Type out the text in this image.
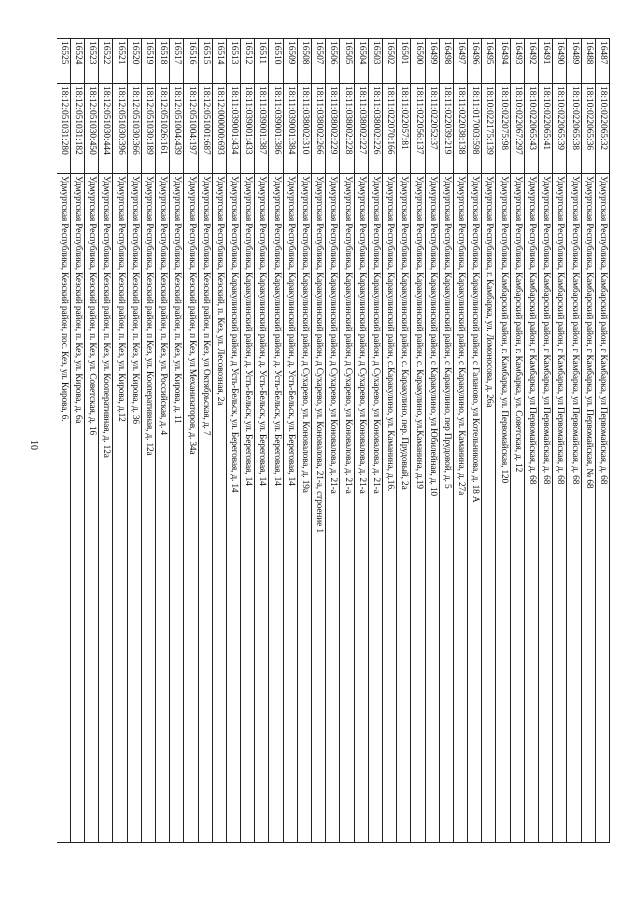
10
16487
18:10:022065:32
Удмуртская Республика, Камбарский район, г Камбарка, ул Первомайская, д. 68
16488
18:10:022065:36
Удмуртская Республика, Камбарский район, г Камбарка, ул. Первомайская, № 68
16489
18:10:022065:38
Удмуртская Республика, Камбарский район, г Камбарка, ул Первомайская, д. 68
16490
18:10:022065:39
Удмуртская Республика, Камбарский район, г Камбарка, ул Первомайская, д. 68
16491
18:10:022065:41
Удмуртская Республика, Камбарский район, г Камбарка, ул Первомайская, д. 68
16492
18:10:022065:43
Удмуртская Республика, Камбарский район, г Камбарка, ул Первомайская, д. 68
16493
18:10:022067:297
Удмуртская Республика, Камбарский район, г. Камбарка, ул. Советская, д. 12
16494
18:10:022075:98
Удмуртская Республика, Камбарский район, г. Камбарка, ул. Первомайская, 120
16495
18:10:022175:139
Удмуртская Республика, г. Камбарка, ул. Ломоносова, д. 26а
16496
18:11:017003:598
Удмуртская Республика, Каракулинский район, с Галаново, ул Котельникова, д. 18 А
16497
18:11:022038:138
Удмуртская Республика, Каракулинский район, с Каракулино, ул. Каманина, д. 27а
16498
18:11:022039:219
Удмуртская Республика, Каракулинский район, с Каракулино, пер Прудовой, д. 5
16499
18:11:022052:37
Удмуртская Республика, Каракулинский район, с Каракулино, ул Юбилейная, д. 10
16500
18:11:022056:137
Удмуртская Республика, Каракулинский район, с. Каракулино, ул.Каманина, д.19
16501
18:11:022057:81
Удмуртская Республика, Каракулинский район, с. Каракулино, пер. Прудовый, 2а
16502
18:11:022070:166
Удмуртская Республика, Каракулинский район, с.Каракулино, ул. Каманина, д.16.
16503
18:11:038002:226
Удмуртская Республика, Каракулинский район, д Сухарево, ул Коновалова, д. 21-а
16504
18:11:038002:227
Удмуртская Республика, Каракулинский район, д Сухарево, ул Коновалова, д. 21-а
16505
18:11:038002:228
Удмуртская Республика, Каракулинский район, д Сухарево, ул Коновалова, д. 21-а
16506
18:11:038002:229
Удмуртская Республика, Каракулинский район, д Сухарево, ул Коновалова, д. 21-а
16507
18:11:038002:266
Удмуртская Республика, Каракулинский район, д Сухарево, ул. Коновалова, 21-а, строение 1
16508
18:11:038002:310
Удмуртская Республика, Каракулинский район, д Сухарево, ул. Коновалова, д. 19а
16509
18:11:039001:384
Удмуртская Республика, Каракулинский район, д. Усть-Бельск, ул. Береговая, 14
16510
18:11:039001:386
Удмуртская Республика, Каракулинский район, д. Усть-Бельск, ул. Береговая, 14
16511
18:11:039001:387
Удмуртская Республика, Каракулинский район, д. Усть-Бельск, ул. Береговая, 14
16512
18:11:039001:433
Удмуртская Республика, Каракулинский район, д. Усть-Бельск, ул. Береговая, 14
16513
18:11:039001:434
Удмуртская Республика, Каракулинский район, д Усть-Бельск, ул. Береговая, д. 14
16514
18:12:000000:693
Удмуртская Республика, Кезский, п. Кез, ул. Лесовозная, 2а
16515
18:12:051001:687
Удмуртская Республика, Кезский район, п Кез, ул Октябрьская, д. 7
16516
18:12:051004:197
Удмуртская Республика, Кезский район, п Кез, ул Механизаторов, д. 34а
16517
18:12:051004:439
Удмуртская Республика, Кезский район, п. Кез, ул. Кирова, д. 11
16518
18:12:051026:161
Удмуртская Республика, Кезский район, п. Кез, ул. Российская, д. 4
16519
18:12:051030:189
Удмуртская Республика, Кезский район, п Кез, ул. Кооперативная, д. 12а
16520
18:12:051030:366
Удмуртская Республика, Кезский район, п. Кез, ул. Кирова, д. 36
16521
18:12:051030:396
Удмуртская Республика, Кезский район, п. Кез, ул. Кирова, д.12
16522
18:12:051030:444
Удмуртская Республика, Кезский район, п. Кез, ул. Кооперативная, д. 12а
16523
18:12:051030:450
Удмуртская Республика, Кезский район, п. Кез, ул. Советская, д. 16
16524
18:12:051031:182
Удмуртская Республика, Кезский район, п. Кез, ул. Кирова, д. 6а
16525
18:12:051031:280
Удмуртская Республика, Кезский район, пос. Кез, ул. Кирова, 6.
